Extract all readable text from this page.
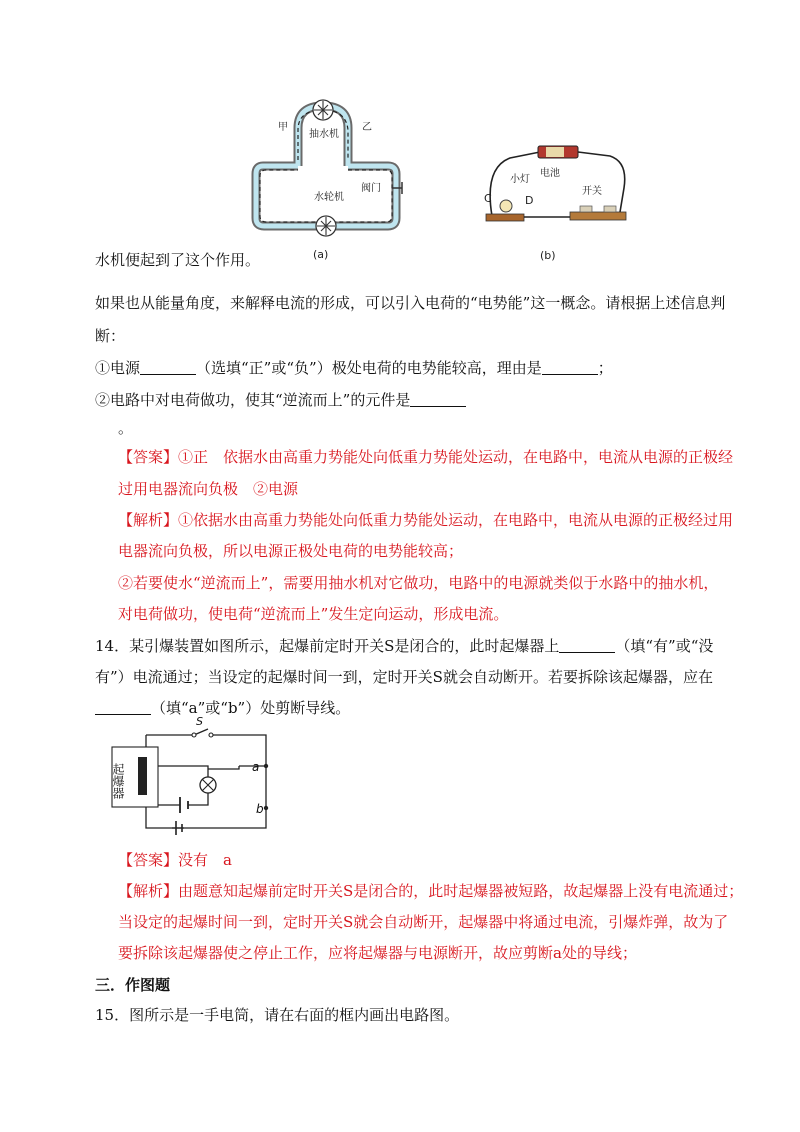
抽水机
水轮机
阀门
甲	乙
(a)
电池
小灯
开关
C	D
(b)
水机便起到了这个作用。
如果也从能量角度，来解释电流的形成，可以引入电荷的“电势能”这一概念。请根据上述信息判
断：
①电源	（选填“正”或“负”）极处电荷的电势能较高，理由是	；
②电路中对电荷做功，使其“逆流而上”的元件是
。
【答案】①正　依据水由高重力势能处向低重力势能处运动，在电路中，电流从电源的正极经
过用电器流向负极　②电源
【解析】①依据水由高重力势能处向低重力势能处运动，在电路中，电流从电源的正极经过用
电器流向负极，所以电源正极处电荷的电势能较高；
②若要使水“逆流而上”，需要用抽水机对它做功，电路中的电源就类似于水路中的抽水机，
对电荷做功，使电荷“逆流而上”发生定向运动，形成电流。
14．某引爆装置如图所示，起爆前定时开关S是闭合的，此时起爆器上	（填“有”或“没
有”）电流通过；当设定的起爆时间一到，定时开关S就会自动断开。若要拆除该起爆器，应在
（填“a”或“b”）处剪断导线。
起爆器
S
a
b
【答案】没有　a
【解析】由题意知起爆前定时开关S是闭合的，此时起爆器被短路，故起爆器上没有电流通过；
当设定的起爆时间一到，定时开关S就会自动断开，起爆器中将通过电流，引爆炸弹，故为了
要拆除该起爆器使之停止工作，应将起爆器与电源断开，故应剪断a处的导线；
三．作图题
15．图所示是一手电筒，请在右面的框内画出电路图。
